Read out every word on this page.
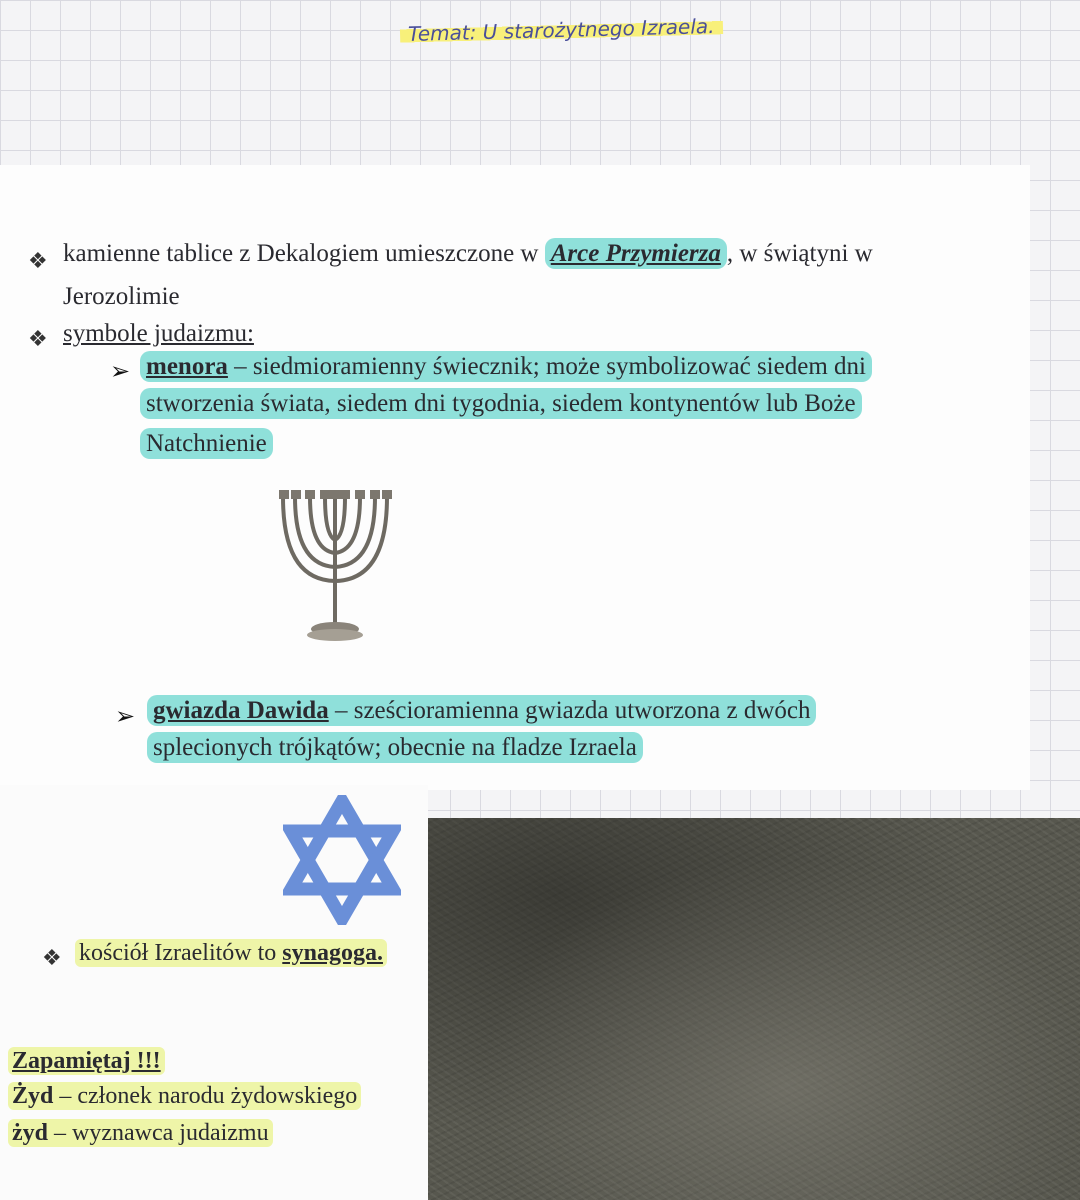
Temat: U starożytnego Izraela.
❖ kamienne tablice z Dekalogiem umieszczone w Arce Przymierza , w świątyni w
Jerozolimie
❖ symbole judaizmu:
➢ menora – siedmioramienny świecznik; może symbolizować siedem dni
stworzenia świata, siedem dni tygodnia, siedem kontynentów lub Boże
Natchnienie
➢ gwiazda Dawida – sześcioramienna gwiazda utworzona z dwóch
splecionych trójkątów; obecnie na fladze Izraela
❖ kościół Izraelitów to synagoga.
Zapamiętaj !!!
Żyd – członek narodu żydowskiego
żyd – wyznawca judaizmu
